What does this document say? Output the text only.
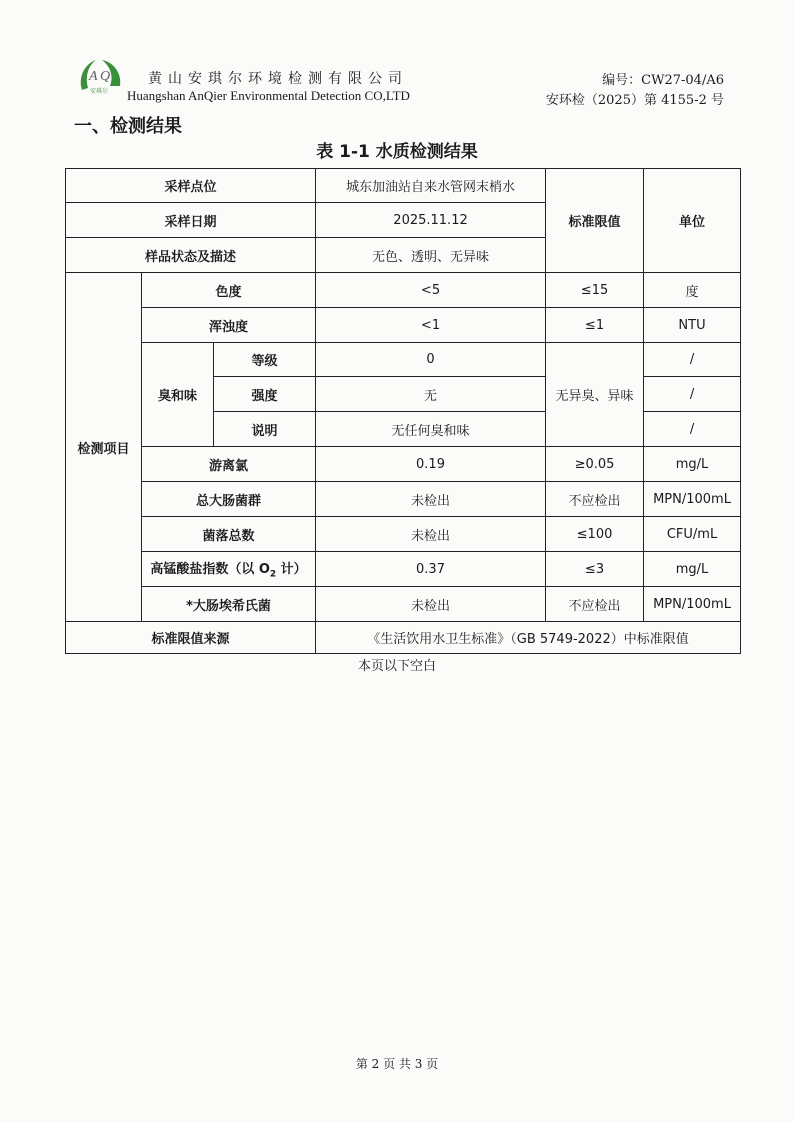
A Q
安琪尔
黄山安琪尔环境检测有限公司
Huangshan AnQier Environmental Detection CO,LTD
编号：CW27-04/A6
安环检（2025）第 4155-2 号
一、检测结果
表 1-1 水质检测结果
采样点位			城东加油站自来水管网末梢水	标准限值	单位
采样日期			2025.11.12		
样品状态及描述			无色、透明、无异味		
检测项目	色度		<5	≤15	度
	浑浊度		<1	≤1	NTU
	臭和味	等级	0	无异臭、异味	/
		强度	无		/
		说明	无任何臭和味		/
	游离氯		0.19	≥0.05	mg/L
	总大肠菌群		未检出	不应检出	MPN/100mL
	菌落总数		未检出	≤100	CFU/mL
	高锰酸盐指数（以 $O_2$ 计）		0.37	≤3	mg/L
	*大肠埃希氏菌		未检出	不应检出	MPN/100mL
标准限值来源			《生活饮用水卫生标准》（GB 5749-2022）中标准限值		
本页以下空白
第 2 页 共 3 页
